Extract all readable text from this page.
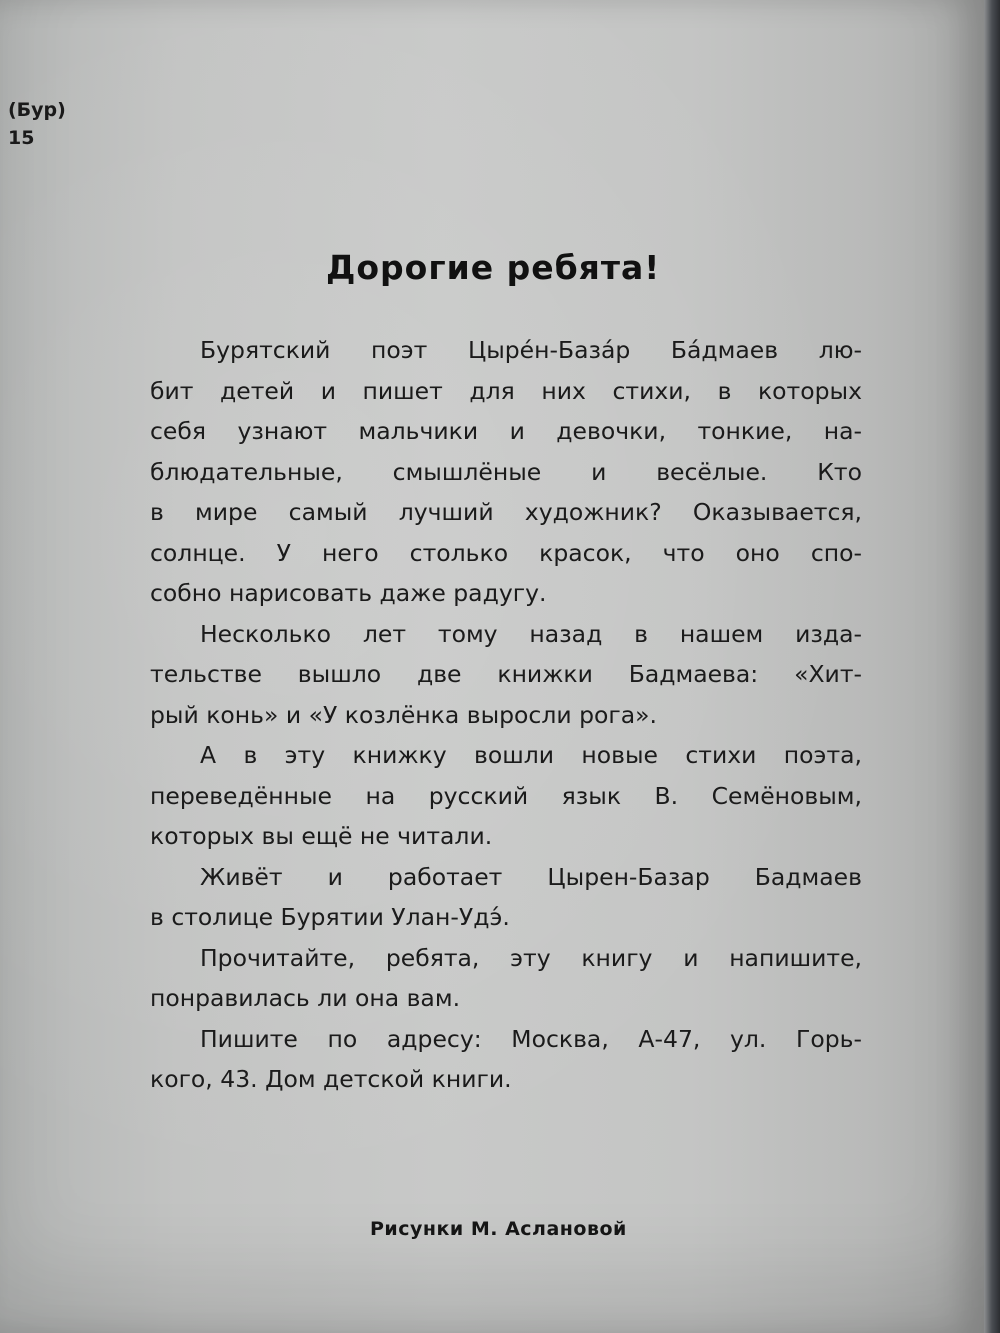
(Бур)
15
Дорогие ребята!
Бурятский поэт Цыре́н-База́р Ба́дмаев лю-
бит детей и пишет для них стихи, в которых
себя узнают мальчики и девочки, тонкие, на-
блюдательные, смышлёные и весёлые. Кто
в мире самый лучший художник? Оказывается,
солнце. У него столько красок, что оно спо-
собно нарисовать даже радугу.
Несколько лет тому назад в нашем изда-
тельстве вышло две книжки Бадмаева: «Хит-
рый конь» и «У козлёнка выросли рога».
А в эту книжку вошли новые стихи поэта,
переведённые на русский язык В. Семёновым,
которых вы ещё не читали.
Живёт и работает Цырен-Базар Бадмаев
в столице Бурятии Улан-Удэ́.
Прочитайте, ребята, эту книгу и напишите,
понравилась ли она вам.
Пишите по адресу: Москва, А-47, ул. Горь-
кого, 43. Дом детской книги.
Рисунки М. Аслановой
